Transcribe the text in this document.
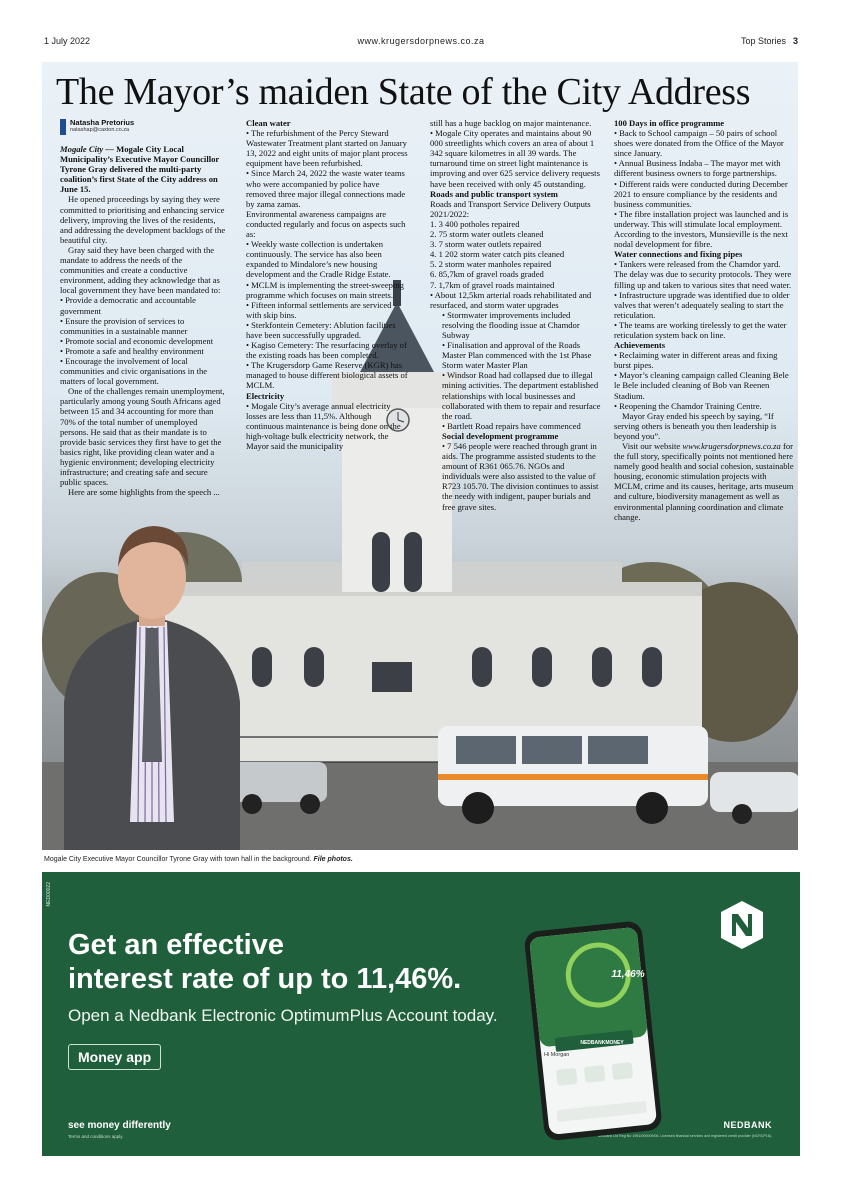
1 July 2022	www.krugersdorpnews.co.za	Top Stories 3
The Mayor’s maiden State of the City Address
Natasha Pretorius
natashap@caxton.co.za

Mogale City — Mogale City Local Municipality’s Executive Mayor Councillor Tyrone Gray delivered the multi-party coalition’s first State of the City address on June 15.

He opened proceedings by saying they were committed to prioritising and enhancing service delivery, improving the lives of the residents, and addressing the development backlogs of the beautiful city.

Gray said they have been charged with the mandate to address the needs of the communities and create a conductive environment, adding they acknowledge that as local government they have been mandated to:

• Provide a democratic and accountable government

• Ensure the provision of services to communities in a sustainable manner

• Promote social and economic development

• Promote a safe and healthy environment

• Encourage the involvement of local communities and civic organisations in the matters of local government.

One of the challenges remain unemployment, particularly among young South Africans aged between 15 and 34 accounting for more than 70% of the total number of unemployed persons. He said that as their mandate is to provide basic services they first have to get the basics right, like providing clean water and a hygienic environment; developing electricity infrastructure; and creating safe and secure public spaces.

Here are some highlights from the speech ...

Clean water

• The refurbishment of the Percy Steward Wastewater Treatment plant started on January 13, 2022 and eight units of major plant process equipment have been refurbished.

• Since March 24, 2022 the waste water teams who were accompanied by police have removed three major illegal connections made by zama zamas.

Environmental awareness campaigns are conducted regularly and focus on aspects such as:

• Weekly waste collection is undertaken continuously. The service has also been expanded to Mindalore’s new housing development and the Cradle Ridge Estate.

• MCLM is implementing the street-sweeping programme which focuses on main streets.

• Fifteen informal settlements are serviced with skip bins.

• Sterkfontein Cemetery: Ablution facilities have been successfully upgraded.

• Kagiso Cemetery: The resurfacing overlay of the existing roads has been completed.

• The Krugersdorp Game Reserve (KGR) has managed to house different biological assets of MCLM.

Electricity

• Mogale City’s average annual electricity losses are less than 11,5%. Although continuous maintenance is being done on the high-voltage bulk electricity network, the Mayor said the municipality

still has a huge backlog on major maintenance.

• Mogale City operates and maintains about 90 000 streetlights which covers an area of about 1 342 square kilometres in all 39 wards. The turnaround time on street light maintenance is improving and over 625 service delivery requests have been received with only 45 outstanding.

Roads and public transport system

Roads and Transport Service Delivery Outputs 2021/2022:

1. 3 400 potholes repaired

2. 75 storm water outlets cleaned

3. 7 storm water outlets repaired

4. 1 202 storm water catch pits cleaned

5. 2 storm water manholes repaired

6. 85,7km of gravel roads graded

7. 1,7km of gravel roads maintained

• About 12,5km arterial roads rehabilitated and resurfaced, and storm water upgrades

• Stormwater improvements included resolving the flooding issue at Chamdor Subway

• Finalisation and approval of the Roads Master Plan commenced with the 1st Phase Storm water Master Plan

• Windsor Road had collapsed due to illegal mining activities. The department established relationships with local businesses and collaborated with them to repair and resurface the road.

• Bartlett Road repairs have commenced

Social development programme

• 7 546 people were reached through grant in aids. The programme assisted students to the amount of R361 065.76. NGOs and individuals were also assisted to the value of R723 105.70. The division continues to assist the needy with indigent, pauper burials and free grave sites.

100 Days in office programme

• Back to School campaign – 50 pairs of school shoes were donated from the Office of the Mayor since January.

• Annual Business Indaba – The mayor met with different business owners to forge partnerships.

• Different raids were conducted during December 2021 to ensure compliance by the residents and business communities.

• The fibre installation project was launched and is underway. This will stimulate local employment. According to the investors, Munsieville is the next nodal development for fibre.

Water connections and fixing pipes

• Tankers were released from the Chamdor yard. The delay was due to security protocols. They were filling up and taken to various sites that need water.

• Infrastructure upgrade was identified due to older valves that weren’t adequately sealing to start the reticulation.

• The teams are working tirelessly to get the water reticulation system back on line.

Achievements

• Reclaiming water in different areas and fixing burst pipes.

• Mayor’s cleaning campaign called Cleaning Bele le Bele included cleaning of Bob van Reenen Stadium.

• Reopening the Chamdor Training Centre.

Mayor Gray ended his speech by saying, “If serving others is beneath you then leadership is beyond you”.

Visit our website www.krugersdorpnews.co.za for the full story, specifically points not mentioned here namely good health and social cohesion, sustainable housing, economic stimulation projects with MCLM, crime and its causes, heritage, arts museum and culture, biodiversity management as well as environmental planning coordination and climate change.

Mogale City Executive Mayor Councillor Tyrone Gray with town hall in the background. File photos.
NED00022
Get an effective
interest rate of up to 11,46%.
Open a Nedbank Electronic OptimumPlus Account today.
Money app
see money differently
Terms and conditions apply.
NEDBANK
Nedbank Ltd Reg No 1951/000009/06. Licensed financial services and registered credit provider (NCRCP16).
11,46%
NEDBANKMONEY
Hi Morgan
